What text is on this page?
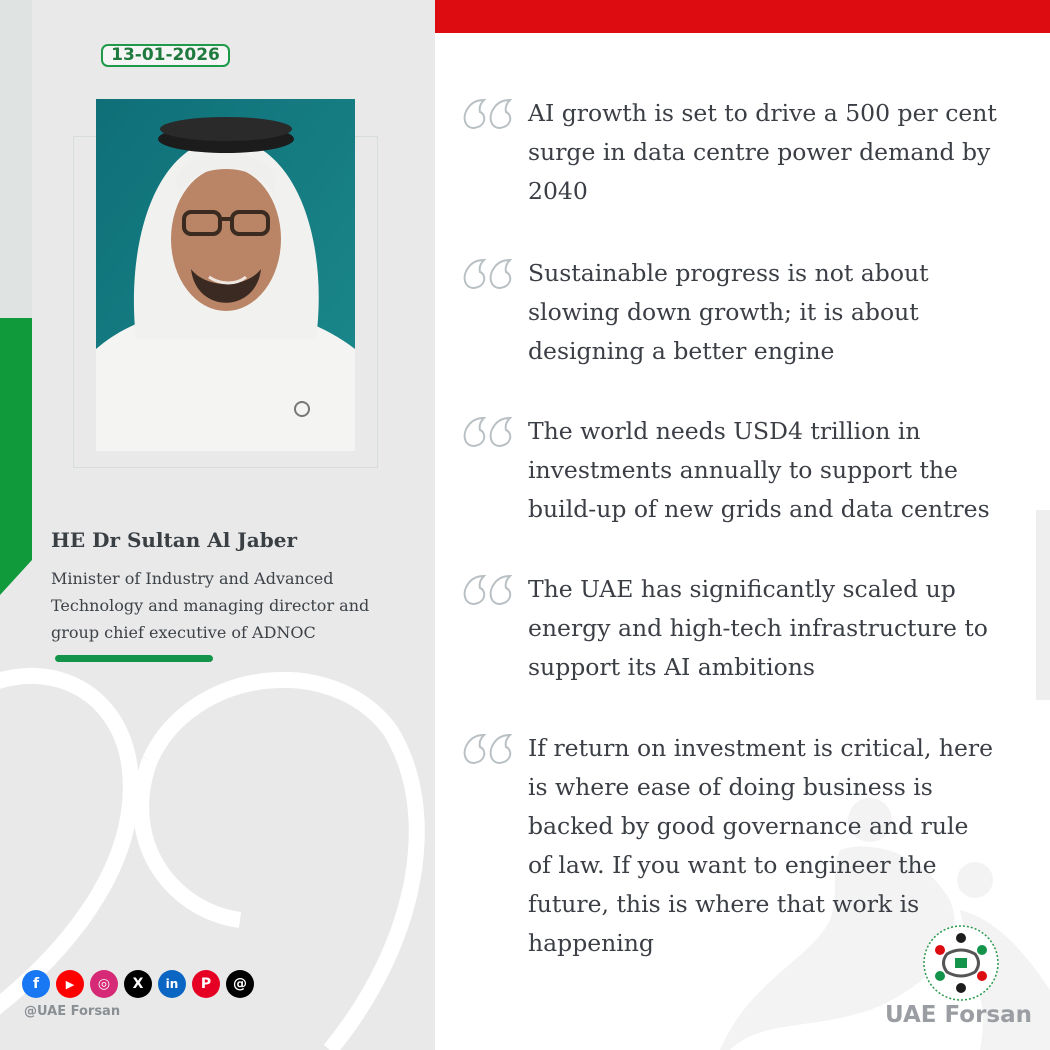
13-01-2026
HE Dr Sultan Al Jaber
Minister of Industry and Advanced Technology and managing director and group chief executive of ADNOC
f	▶	◎	X	in	P	@
@UAE Forsan
AI growth is set to drive a 500 per cent surge in data centre power demand by 2040
Sustainable progress is not about slowing down growth; it is about designing a better engine
The world needs USD4 trillion in investments annually to support the build-up of new grids and data centres
The UAE has significantly scaled up energy and high-tech infrastructure to support its AI ambitions
If return on investment is critical, here is where ease of doing business is backed by good governance and rule of law. If you want to engineer the future, this is where that work is happening
UAE Forsan
